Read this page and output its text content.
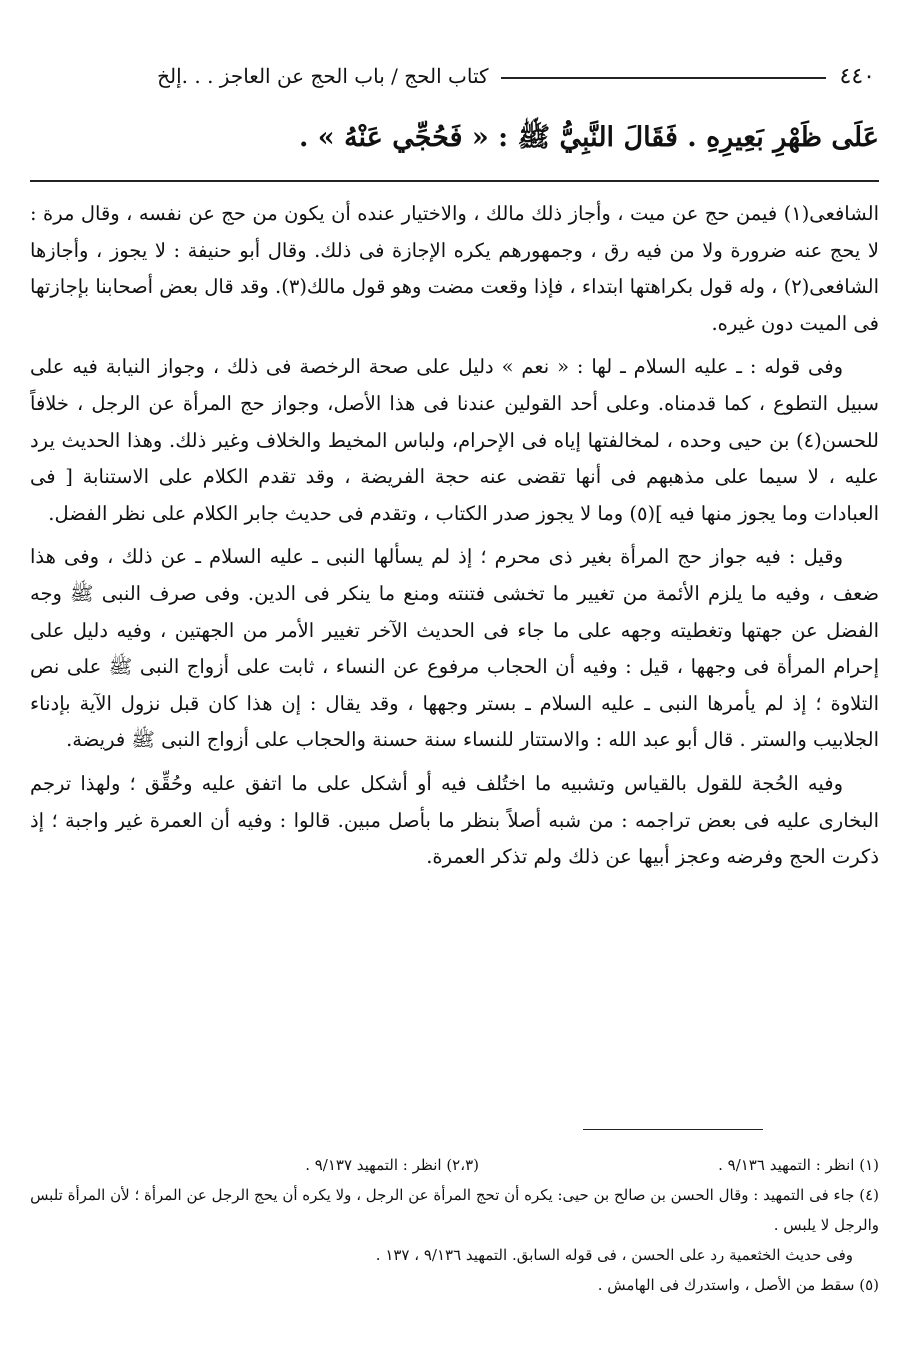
٤٤٠
كتاب الحج / باب الحج عن العاجز . . .إلخ
عَلَى ظَهْرِ بَعِيرِهِ . فَقَالَ النَّبِيُّ ﷺ : « فَحُجِّي عَنْهُ » .

الشافعى(١) فيمن حج عن ميت ، وأجاز ذلك مالك ، والاختيار عنده أن يكون من حج عن نفسه ، وقال مرة : لا يحج عنه ضرورة ولا من فيه رق ، وجمهورهم يكره الإجازة فى ذلك. وقال أبو حنيفة : لا يجوز ، وأجازها الشافعى(٢) ، وله قول بكراهتها ابتداء ، فإذا وقعت مضت وهو قول مالك(٣). وقد قال بعض أصحابنا بإجازتها فى الميت دون غيره.

وفى قوله : ـ عليه السلام ـ لها : « نعم » دليل على صحة الرخصة فى ذلك ، وجواز النيابة فيه على سبيل التطوع ، كما قدمناه. وعلى أحد القولين عندنا فى هذا الأصل، وجواز حج المرأة عن الرجل ، خلافاً للحسن(٤) بن حيى وحده ، لمخالفتها إياه فى الإحرام، ولباس المخيط والخلاف وغير ذلك. وهذا الحديث يرد عليه ، لا سيما على مذهبهم فى أنها تقضى عنه حجة الفريضة ، وقد تقدم الكلام على الاستنابة [ فى العبادات وما يجوز منها فيه ](٥) وما لا يجوز صدر الكتاب ، وتقدم فى حديث جابر الكلام على نظر الفضل.

وقيل : فيه جواز حج المرأة بغير ذى محرم ؛ إذ لم يسألها النبى ـ عليه السلام ـ عن ذلك ، وفى هذا ضعف ، وفيه ما يلزم الأئمة من تغيير ما تخشى فتنته ومنع ما ينكر فى الدين. وفى صرف النبى ﷺ وجه الفضل عن جهتها وتغطيته وجهه على ما جاء فى الحديث الآخر تغيير الأمر من الجهتين ، وفيه دليل على إحرام المرأة فى وجهها ، قيل : وفيه أن الحجاب مرفوع عن النساء ، ثابت على أزواج النبى ﷺ على نص التلاوة ؛ إذ لم يأمرها النبى ـ عليه السلام ـ بستر وجهها ، وقد يقال : إن هذا كان قبل نزول الآية بإدناء الجلابيب والستر . قال أبو عبد الله : والاستتار للنساء سنة حسنة والحجاب على أزواج النبى ﷺ فريضة.

وفيه الحُجة للقول بالقياس وتشبيه ما اختُلف فيه أو أشكل على ما اتفق عليه وحُقِّق ؛ ولهذا ترجم البخارى عليه فى بعض تراجمه : من شبه أصلاً بنظر ما بأصل مبين. قالوا : وفيه أن العمرة غير واجبة ؛ إذ ذكرت الحج وفرضه وعجز أبيها عن ذلك ولم تذكر العمرة.

(١) انظر : التمهيد ٩/١٣٦ .
(٢،٣) انظر : التمهيد ٩/١٣٧ .

(٤) جاء فى التمهيد : وقال الحسن بن صالح بن حيى: يكره أن تحج المرأة عن الرجل ، ولا يكره أن يحج الرجل عن المرأة ؛ لأن المرأة تلبس والرجل لا يلبس .

وفى حديث الخثعمية رد على الحسن ، فى قوله السابق. التمهيد ٩/١٣٦ ، ١٣٧ .

(٥) سقط من الأصل ، واستدرك فى الهامش .
